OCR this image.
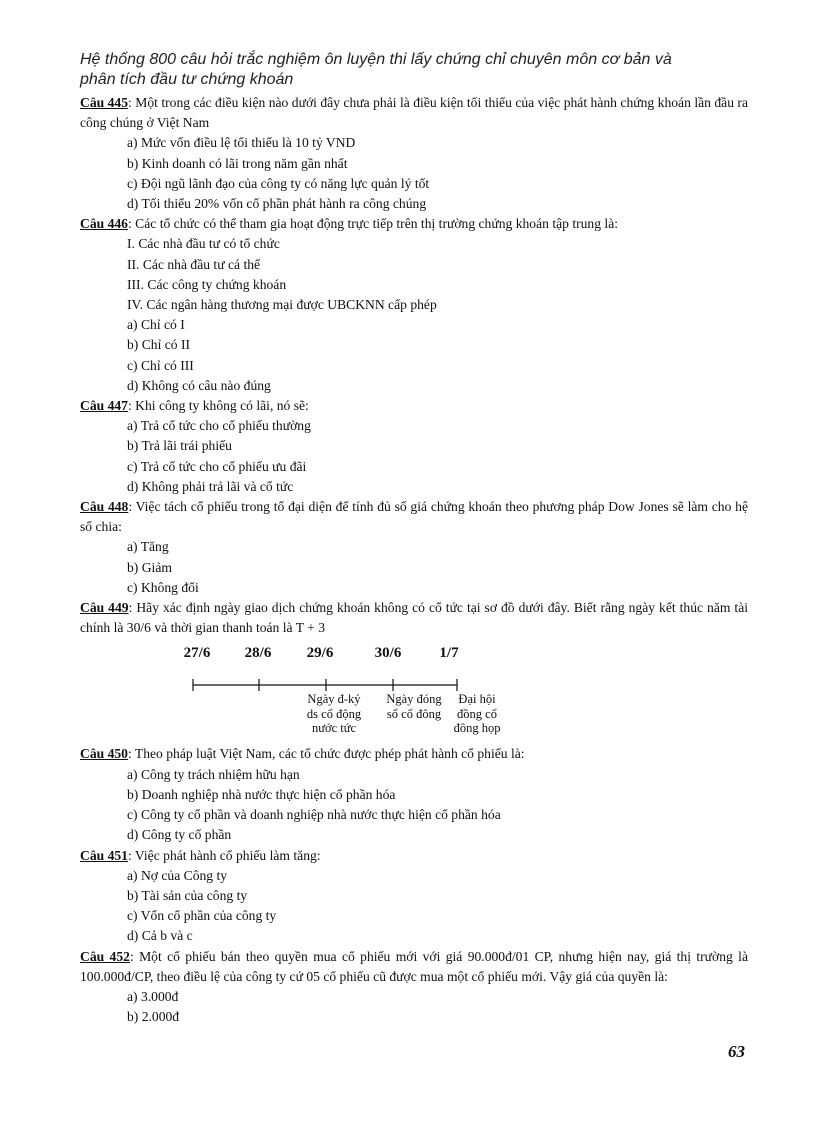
Hệ thống 800 câu hỏi trắc nghiệm ôn luyện thi lấy chứng chỉ chuyên môn cơ bản và
phân tích đầu tư chứng khoán
Câu 445: Một trong các điều kiện nào dưới đây chưa phải là điều kiện tối thiểu của việc phát hành chứng khoán lần đầu ra công chúng ở Việt Nam
a) Mức vốn điều lệ tối thiểu là 10 tỷ VND
b) Kinh doanh có lãi trong năm gần nhất
c) Đội ngũ lãnh đạo của công ty có năng lực quản lý tốt
d) Tối thiểu 20% vốn cổ phần phát hành ra công chúng
Câu 446: Các tổ chức có thể tham gia hoạt động trực tiếp trên thị trường chứng khoán tập trung là:
I. Các nhà đầu tư có tổ chức
II. Các nhà đầu tư cá thể
III. Các công ty chứng khoán
IV. Các ngân hàng thương mại được UBCKNN cấp phép
a) Chỉ có I
b) Chỉ có II
c) Chỉ có III
d) Không có câu nào đúng
Câu 447: Khi công ty không có lãi, nó sẽ:
a) Trả cổ tức cho cổ phiếu thường
b) Trả lãi trái phiếu
c) Trả cổ tức cho cổ phiếu ưu đãi
d) Không phải trả lãi và cổ tức
Câu 448: Việc tách cổ phiếu trong tổ đại diện để tính đủ số giá chứng khoán theo phương pháp Dow Jones sẽ làm cho hệ số chia:
a) Tăng
b) Giảm
c) Không đổi
Câu 449: Hãy xác định ngày giao dịch chứng khoán không có cổ tức tại sơ đồ dưới đây. Biết rằng ngày kết thúc năm tài chính là 30/6 và thời gian thanh toán là T + 3
27/6 28/6 29/6	30/6	1/7
Ngày đ-ký
ds cổ động
nước tức
Ngày đóng
sổ cổ đông
Đại hội
đồng cổ
đông họp
Câu 450: Theo pháp luật Việt Nam, các tổ chức được phép phát hành cổ phiếu là:
a) Công ty trách nhiệm hữu hạn
b) Doanh nghiệp nhà nước thực hiện cổ phần hóa
c) Công ty cổ phần và doanh nghiệp nhà nước thực hiện cổ phần hóa
d) Công ty cổ phần
Câu 451: Việc phát hành cổ phiếu làm tăng:
a) Nợ của Công ty
b) Tài sản của công ty
c) Vốn cổ phần của công ty
d) Cả b và c
Câu 452: Một cổ phiếu bán theo quyền mua cổ phiếu mới với giá 90.000đ/01 CP, nhưng hiện nay, giá thị trường là 100.000đ/CP, theo điều lệ của công ty cứ 05 cổ phiếu cũ được mua một cổ phiếu mới. Vậy giá của quyền là:
a) 3.000đ
b) 2.000đ
63
